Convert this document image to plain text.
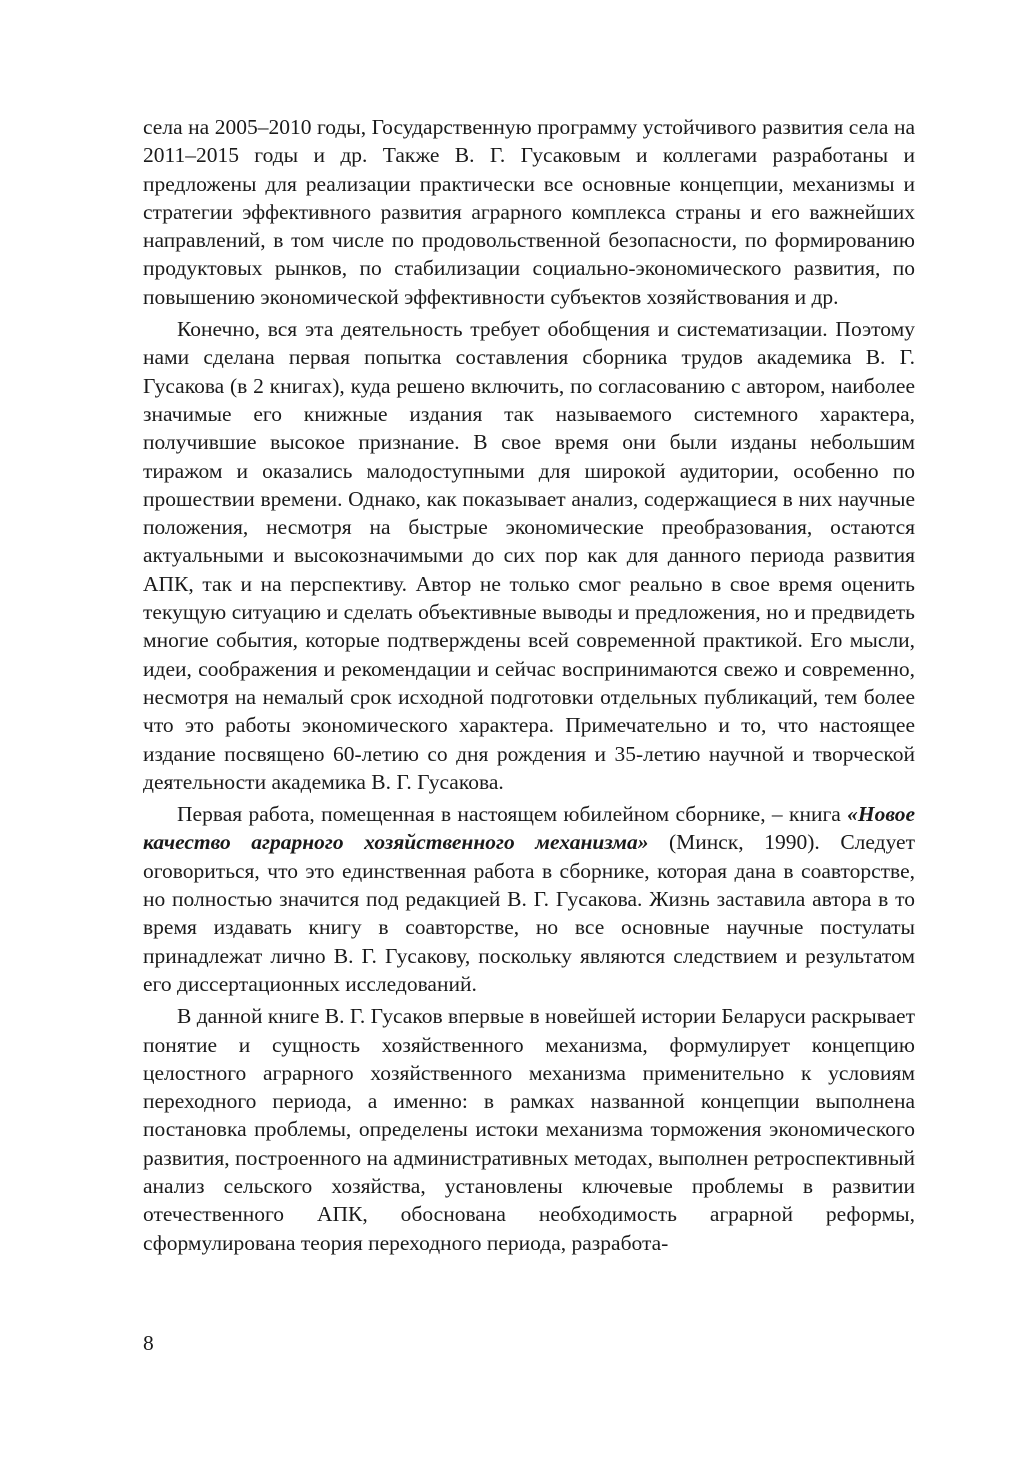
села на 2005–2010 годы, Государственную программу устойчивого развития села на 2011–2015 годы и др. Также В. Г. Гусаковым и коллегами разработаны и предложены для реализации практически все основные концепции, механизмы и стратегии эффективного развития аграрного комплекса страны и его важнейших направлений, в том числе по продовольственной безопасности, по формированию продуктовых рынков, по стабилизации социально-экономического развития, по повышению экономической эффективности субъектов хозяйствования и др.

Конечно, вся эта деятельность требует обобщения и систематизации. Поэтому нами сделана первая попытка составления сборника трудов академика В. Г. Гусакова (в 2 книгах), куда решено включить, по согласованию с автором, наиболее значимые его книжные издания так называемого системного характера, получившие высокое признание. В свое время они были изданы небольшим тиражом и оказались малодоступными для широкой аудитории, особенно по прошествии времени. Однако, как показывает анализ, содержащиеся в них научные положения, несмотря на быстрые экономические преобразования, остаются актуальными и высокозначимыми до сих пор как для данного периода развития АПК, так и на перспективу. Автор не только смог реально в свое время оценить текущую ситуацию и сделать объективные выводы и предложения, но и предвидеть многие события, которые подтверждены всей современной практикой. Его мысли, идеи, соображения и рекомендации и сейчас воспринимаются свежо и современно, несмотря на немалый срок исходной подготовки отдельных публикаций, тем более что это работы экономического характера. Примечательно и то, что настоящее издание посвящено 60-летию со дня рождения и 35-летию научной и творческой деятельности академика В. Г. Гусакова.

Первая работа, помещенная в настоящем юбилейном сборнике, – книга «Новое качество аграрного хозяйственного механизма» (Минск, 1990). Следует оговориться, что это единственная работа в сборнике, которая дана в соавторстве, но полностью значится под редакцией В. Г. Гусакова. Жизнь заставила автора в то время издавать книгу в соавторстве, но все основные научные постулаты принадлежат лично В. Г. Гусакову, поскольку являются следствием и результатом его диссертационных исследований.

В данной книге В. Г. Гусаков впервые в новейшей истории Беларуси раскрывает понятие и сущность хозяйственного механизма, формулирует концепцию целостного аграрного хозяйственного механизма применительно к условиям переходного периода, а именно: в рамках названной концепции выполнена постановка проблемы, определены истоки механизма торможения экономического развития, построенного на административных методах, выполнен ретроспективный анализ сельского хозяйства, установлены ключевые проблемы в развитии отечественного АПК, обоснована необходимость аграрной реформы, сформулирована теория переходного периода, разработа-

8
